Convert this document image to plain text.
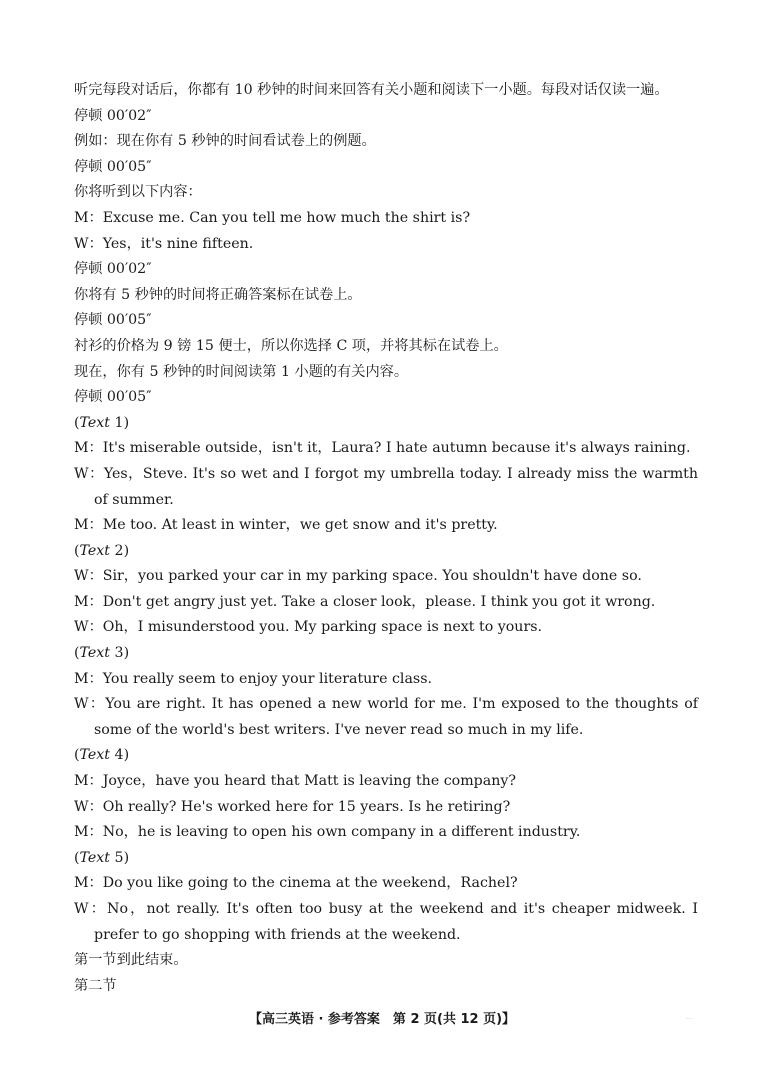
听完每段对话后，你都有 10 秒钟的时间来回答有关小题和阅读下一小题。每段对话仅读一遍。
停顿 00′02″
例如：现在你有 5 秒钟的时间看试卷上的例题。
停顿 00′05″
你将听到以下内容：
M：Excuse me. Can you tell me how much the shirt is?
W：Yes，it's nine fifteen.
停顿 00′02″
你将有 5 秒钟的时间将正确答案标在试卷上。
停顿 00′05″
衬衫的价格为 9 镑 15 便士，所以你选择 C 项，并将其标在试卷上。
现在，你有 5 秒钟的时间阅读第 1 小题的有关内容。
停顿 00′05″
(Text 1)
M：It's miserable outside，isn't it，Laura? I hate autumn because it's always raining.
W：Yes，Steve. It's so wet and I forgot my umbrella today. I already miss the warmth of summer.
M：Me too. At least in winter，we get snow and it's pretty.
(Text 2)
W：Sir，you parked your car in my parking space. You shouldn't have done so.
M：Don't get angry just yet. Take a closer look，please. I think you got it wrong.
W：Oh，I misunderstood you. My parking space is next to yours.
(Text 3)
M：You really seem to enjoy your literature class.
W：You are right. It has opened a new world for me. I'm exposed to the thoughts of some of the world's best writers. I've never read so much in my life.
(Text 4)
M：Joyce，have you heard that Matt is leaving the company?
W：Oh really? He's worked here for 15 years. Is he retiring?
M：No，he is leaving to open his own company in a different industry.
(Text 5)
M：Do you like going to the cinema at the weekend，Rachel?
W：No，not really. It's often too busy at the weekend and it's cheaper midweek. I prefer to go shopping with friends at the weekend.
第一节到此结束。
第二节
【高三英语 · 参考答案　第 2 页(共 12 页)】	…
